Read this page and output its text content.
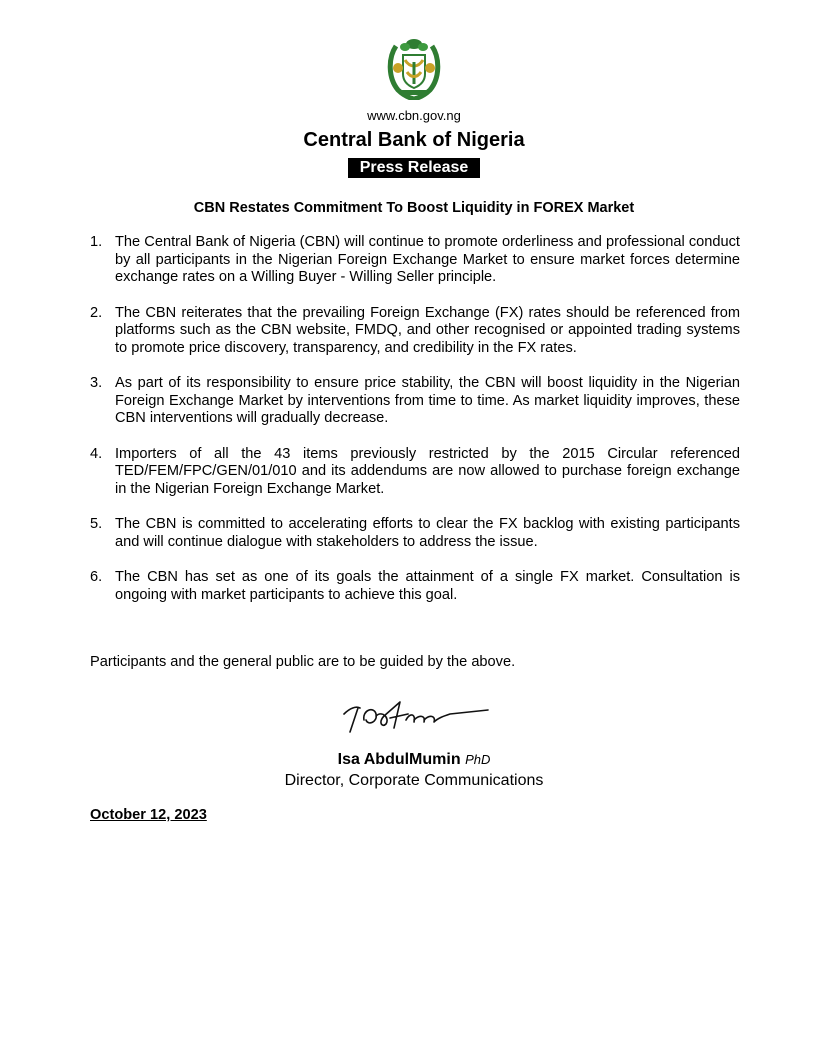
www.cbn.gov.ng
Central Bank of Nigeria
Press Release
CBN Restates Commitment To Boost Liquidity in FOREX Market
1. The Central Bank of Nigeria (CBN) will continue to promote orderliness and professional conduct by all participants in the Nigerian Foreign Exchange Market to ensure market forces determine exchange rates on a Willing Buyer - Willing Seller principle.
2. The CBN reiterates that the prevailing Foreign Exchange (FX) rates should be referenced from platforms such as the CBN website, FMDQ, and other recognised or appointed trading systems to promote price discovery, transparency, and credibility in the FX rates.
3. As part of its responsibility to ensure price stability, the CBN will boost liquidity in the Nigerian Foreign Exchange Market by interventions from time to time. As market liquidity improves, these CBN interventions will gradually decrease.
4. Importers of all the 43 items previously restricted by the 2015 Circular referenced TED/FEM/FPC/GEN/01/010 and its addendums are now allowed to purchase foreign exchange in the Nigerian Foreign Exchange Market.
5. The CBN is committed to accelerating efforts to clear the FX backlog with existing participants and will continue dialogue with stakeholders to address the issue.
6. The CBN has set as one of its goals the attainment of a single FX market. Consultation is ongoing with market participants to achieve this goal.
Participants and the general public are to be guided by the above.
Isa AbdulMumin PhD
Director, Corporate Communications
October 12, 2023
